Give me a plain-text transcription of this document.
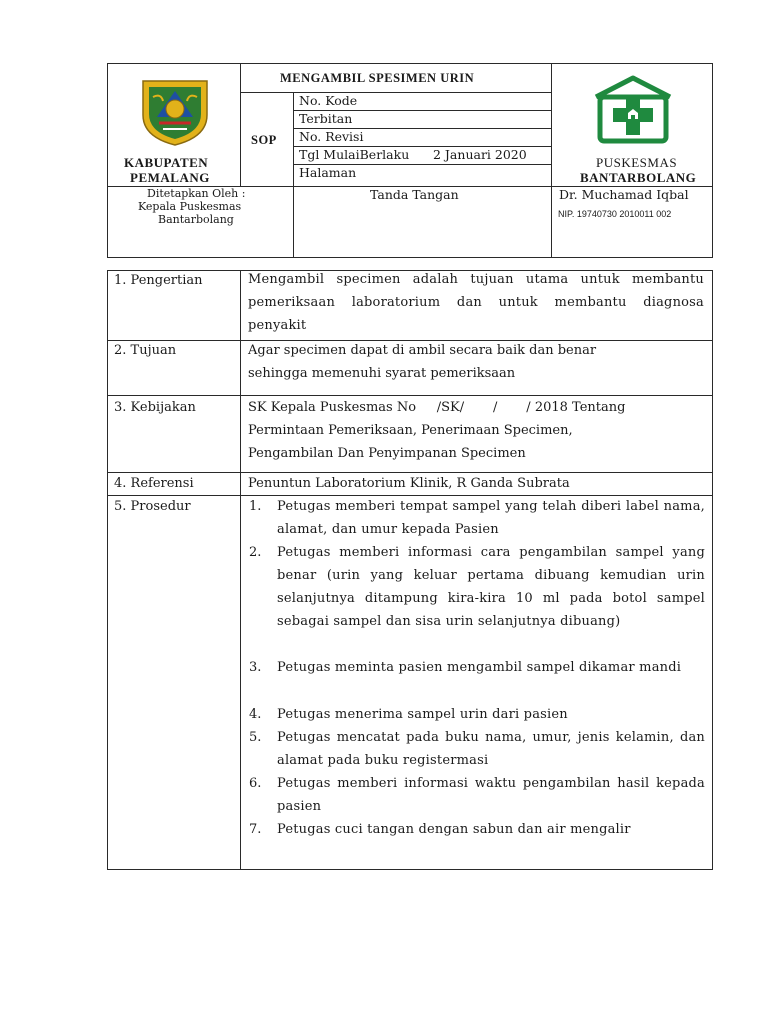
KABUPATEN
PEMALANG
MENGAMBIL SPESIMEN URIN
SOP
No. Kode
Terbitan
No. Revisi
Tgl MulaiBerlaku 2 Januari 2020
Halaman
PUSKESMAS
BANTARBOLANG
Ditetapkan Oleh :
Kepala Puskesmas
Bantarbolang
Tanda Tangan	Dr. Muchamad Iqbal
NIP. 19740730 2010011 002
1. Pengertian	Mengambil specimen adalah tujuan utama untuk membantu pemeriksaan laboratorium dan untuk membantu diagnosa penyakit
2. Tujuan	Agar specimen dapat di ambil secara baik dan benar
sehingga memenuhi syarat pemeriksaan
3. Kebijakan	SK Kepala Puskesmas No     /SK/       /       / 2018 Tentang
Permintaan Pemeriksaan, Penerimaan Specimen,
Pengambilan Dan Penyimpanan Specimen
4. Referensi	Penuntun Laboratorium Klinik, R Ganda Subrata
5. Prosedur	1. Petugas memberi tempat sampel yang telah diberi label nama, alamat, dan umur kepada Pasien
2. Petugas memberi informasi cara pengambilan sampel yang benar (urin yang keluar pertama dibuang kemudian urin selanjutnya ditampung kira-kira 10 ml pada botol sampel sebagai sampel dan sisa urin selanjutnya dibuang)
3. Petugas meminta pasien mengambil sampel dikamar mandi
4. Petugas menerima sampel urin dari pasien
5. Petugas mencatat pada buku nama, umur, jenis kelamin, dan alamat pada buku registermasi
6. Petugas memberi informasi waktu pengambilan hasil kepada pasien
7. Petugas cuci tangan dengan sabun dan air mengalir
